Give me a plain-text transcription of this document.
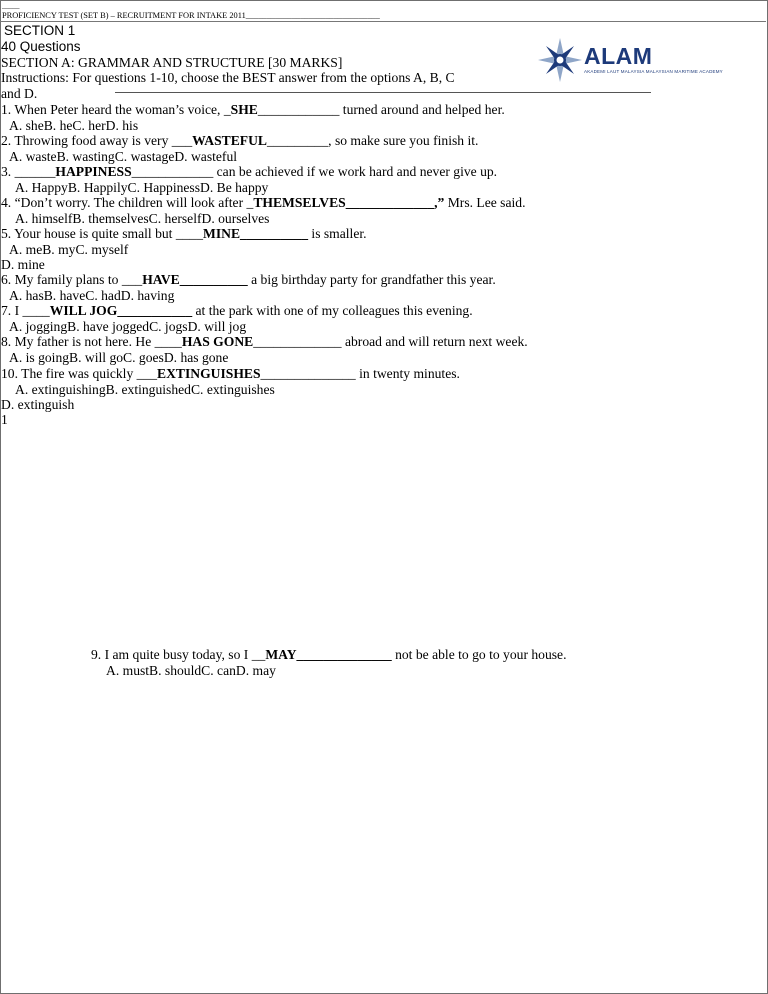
_____
PROFICIENCY TEST (SET B) – RECRUITMENT FOR INTAKE 2011________________________________
SECTION 1
40 Questions
SECTION A: GRAMMAR AND STRUCTURE [30 MARKS]
Instructions: For questions 1-10, choose the BEST answer from the options A, B, C
and D.
ALAM
AKADEMI LAUT MALAYSIA MALAYSIAN MARITIME ACADEMY
1. When Peter heard the woman’s voice, _SHE____________ turned around and helped her.
A. sheB. heC. herD. his
2. Throwing food away is very ___WASTEFUL_________, so make sure you finish it.
A. wasteB. wastingC. wastageD. wasteful
3. ______HAPPINESS____________ can be achieved if we work hard and never give up.
A. HappyB. HappilyC. HappinessD. Be happy
4. “Don’t worry. The children will look after _THEMSELVES_____________,” Mrs. Lee said.
A. himselfB. themselvesC. herselfD. ourselves
5. Your house is quite small but ____MINE__________ is smaller.
A. meB. myC. myself
D. mine
6. My family plans to ___HAVE__________ a big birthday party for grandfather this year.
A. hasB. haveC. hadD. having
7. I ____WILL JOG___________ at the park with one of my colleagues this evening.
A. joggingB. have joggedC. jogsD. will jog
8. My father is not here. He ____HAS GONE_____________ abroad and will return next week.
A. is goingB. will goC. goesD. has gone
10. The fire was quickly ___EXTINGUISHES______________ in twenty minutes.
A. extinguishingB. extinguishedC. extinguishes
D. extinguish
1
9. I am quite busy today, so I __MAY______________ not be able to go to your house.
A. mustB. shouldC. canD. may
